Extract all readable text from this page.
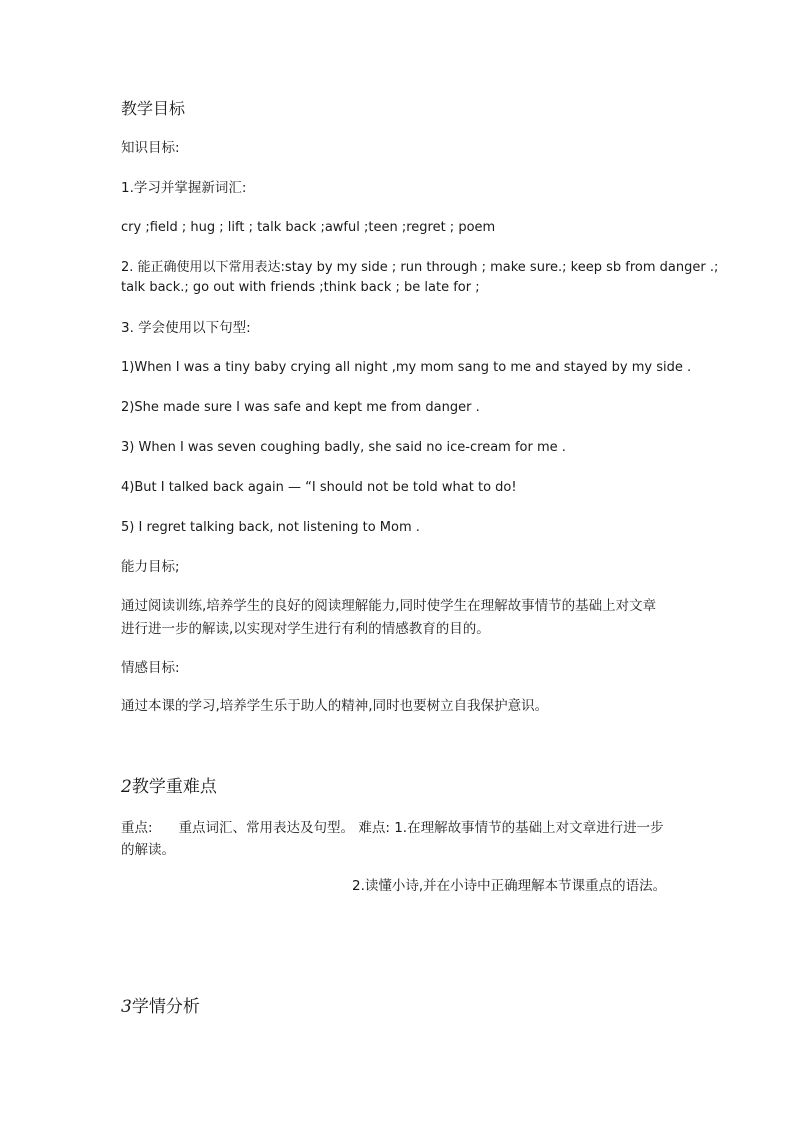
教学目标
知识目标:
1.学习并掌握新词汇:
cry ;field ; hug ; lift ; talk back ;awful ;teen ;regret ; poem
2. 能正确使用以下常用表达:stay by my side ; run through ; make sure.; keep sb from danger .;
talk back.; go out with friends ;think back ; be late for ;
3. 学会使用以下句型:
1)When I was a tiny baby crying all night ,my mom sang to me and stayed by my side .
2)She made sure I was safe and kept me from danger .
3) When I was seven coughing badly, she said no ice-cream for me .
4)But I talked back again — “I should not be told what to do!
5) I regret talking back, not listening to Mom .
能力目标;
通过阅读训练,培养学生的良好的阅读理解能力,同时使学生在理解故事情节的基础上对文章
进行进一步的解读,以实现对学生进行有利的情感教育的目的。
情感目标:
通过本课的学习,培养学生乐于助人的精神,同时也要树立自我保护意识。
2教学重难点
重点: 重点词汇、常用表达及句型。 难点: 1.在理解故事情节的基础上对文章进行进一步
的解读。
2.读懂小诗,并在小诗中正确理解本节课重点的语法。
3学情分析
